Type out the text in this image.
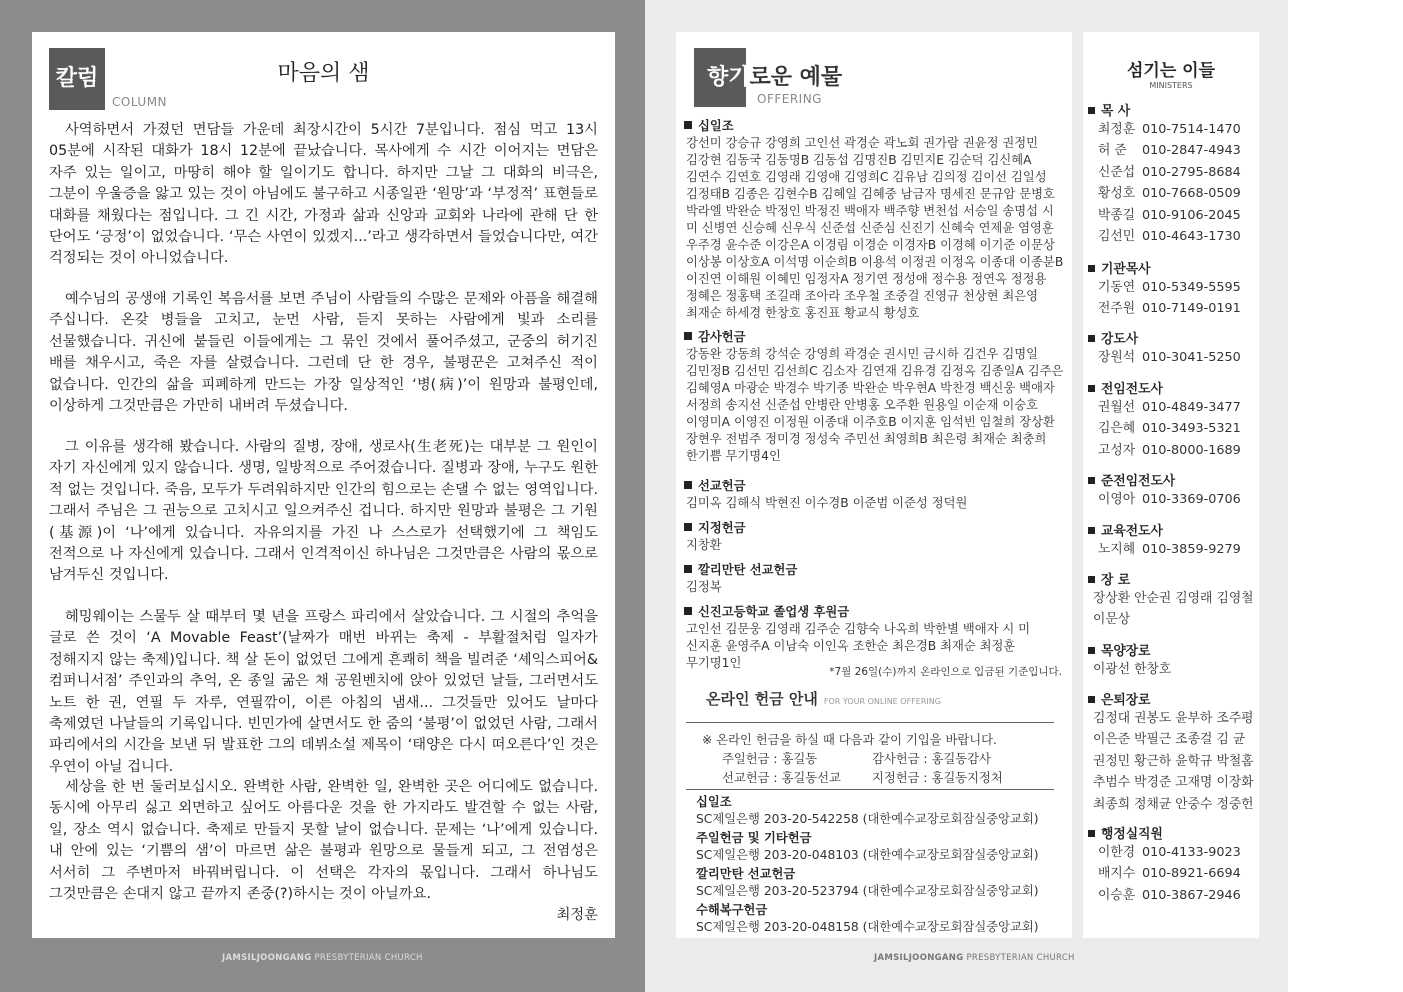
칼럼
COLUMN
마음의 샘
사역하면서 가졌던 면담들 가운데 최장시간이 5시간 7분입니다. 점심 먹고 13시 05분에 시작된 대화가 18시 12분에 끝났습니다. 목사에게 수 시간 이어지는 면담은 자주 있는 일이고, 마땅히 해야 할 일이기도 합니다. 하지만 그날 그 대화의 비극은, 그분이 우울증을 앓고 있는 것이 아님에도 불구하고 시종일관 ‘원망’과 ‘부정적’ 표현들로 대화를 채웠다는 점입니다. 그 긴 시간, 가정과 삶과 신앙과 교회와 나라에 관해 단 한 단어도 ‘긍정’이 없었습니다. ‘무슨 사연이 있겠지...’라고 생각하면서 들었습니다만, 여간 걱정되는 것이 아니었습니다.
예수님의 공생애 기록인 복음서를 보면 주님이 사람들의 수많은 문제와 아픔을 해결해 주십니다. 온갖 병들을 고치고, 눈먼 사람, 듣지 못하는 사람에게 빛과 소리를 선물했습니다. 귀신에 붙들린 이들에게는 그 묶인 것에서 풀어주셨고, 군중의 허기진 배를 채우시고, 죽은 자를 살렸습니다. 그런데 단 한 경우, 불평꾼은 고쳐주신 적이 없습니다. 인간의 삶을 피폐하게 만드는 가장 일상적인 ‘병(病)’이 원망과 불평인데, 이상하게 그것만큼은 가만히 내버려 두셨습니다.
그 이유를 생각해 봤습니다. 사람의 질병, 장애, 생로사(生老死)는 대부분 그 원인이 자기 자신에게 있지 않습니다. 생명, 일방적으로 주어졌습니다. 질병과 장애, 누구도 원한 적 없는 것입니다. 죽음, 모두가 두려워하지만 인간의 힘으로는 손댈 수 없는 영역입니다. 그래서 주님은 그 권능으로 고치시고 일으켜주신 겁니다. 하지만 원망과 불평은 그 기원(基源)이 ‘나’에게 있습니다. 자유의지를 가진 나 스스로가 선택했기에 그 책임도 전적으로 나 자신에게 있습니다. 그래서 인격적이신 하나님은 그것만큼은 사람의 몫으로 남겨두신 것입니다.
헤밍웨이는 스물두 살 때부터 몇 년을 프랑스 파리에서 살았습니다. 그 시절의 추억을 글로 쓴 것이 ‘A Movable Feast’(날짜가 매번 바뀌는 축제 - 부활절처럼 일자가 정해지지 않는 축제)입니다. 책 살 돈이 없었던 그에게 흔쾌히 책을 빌려준 ‘셰익스피어&컴퍼니서점’ 주인과의 추억, 온 종일 굶은 채 공원벤치에 앉아 있었던 날들, 그러면서도 노트 한 권, 연필 두 자루, 연필깎이, 이른 아침의 냄새... 그것들만 있어도 날마다 축제였던 나날들의 기록입니다. 빈민가에 살면서도 한 줌의 ‘불평’이 없었던 사람, 그래서 파리에서의 시간을 보낸 뒤 발표한 그의 데뷔소설 제목이 ‘태양은 다시 떠오른다’인 것은 우연이 아닐 겁니다.
세상을 한 번 둘러보십시오. 완벽한 사람, 완벽한 일, 완벽한 곳은 어디에도 없습니다. 동시에 아무리 싫고 외면하고 싶어도 아름다운 것을 한 가지라도 발견할 수 없는 사람, 일, 장소 역시 없습니다. 축제로 만들지 못할 날이 없습니다. 문제는 ‘나’에게 있습니다. 내 안에 있는 ‘기쁨의 샘’이 마르면 삶은 불평과 원망으로 물들게 되고, 그 전염성은 서서히 그 주변마저 바꿔버립니다. 이 선택은 각자의 몫입니다. 그래서 하나님도 그것만큼은 손대지 않고 끝까지 존중(?)하시는 것이 아닐까요.
최정훈
JAMSILJOONGANG PRESBYTERIAN CHURCH
향기로운 예물
OFFERING
십일조
강선미 강승규 강영희 고인선 곽경순 곽노회 권가람 권윤정 권정민 김강현 김동국 김동명B 김동섭 김명진B 김민지E 김순덕 김신혜A 김연수 김연호 김영래 김영애 김영희C 김유남 김의정 김이선 김일성 김정태B 김종은 김현수B 김혜일 김혜중 남금자 명세진 문규암 문병호 박라엘 박완순 박정인 박정진 백애자 백주향 변천섭 서승일 송명섭 시 미 신병연 신승혜 신우식 신준섭 신준심 신진기 신혜숙 연제윤 염영훈 우주경 윤수준 이강은A 이경림 이경순 이경자B 이경혜 이기준 이문상 이상봉 이상호A 이석명 이순희B 이용석 이정권 이정옥 이종대 이종분B 이진연 이해원 이혜민 임정자A 정기연 정성애 정수용 정연옥 정정용 정혜은 정홍택 조길래 조아라 조우철 조중걸 진영규 천상현 최은영 최재순 하세경 한창호 홍진표 황교식 황성호
감사헌금
강동완 강동희 강석순 강영희 곽경순 권시민 금시하 김건우 김명일 김민정B 김선민 김선희C 김소자 김연재 김유경 김정옥 김종일A 김주은 김혜영A 마광순 박경수 박기종 박완순 박우현A 박찬경 백신웅 백애자 서정희 송지선 신준섭 안병란 안병홍 오주환 원용일 이순재 이숭호 이영미A 이영진 이정원 이종대 이주호B 이지훈 임석빈 임철희 장상환 장현우 전범주 정미경 정성숙 주민선 최영희B 최은령 최재순 최충희 한기쁨 무기명4인
선교헌금
김미옥 김해식 박현진 이수경B 이준범 이준성 정덕원
지정헌금
지창환
깔리만탄 선교헌금
김정복
신진고등학교 졸업생 후원금
고인선 김문웅 김영래 김주순 김향숙 나옥희 박한별 백애자 시 미 신지훈 윤영주A 이남숙 이인옥 조한순 최은경B 최재순 최정훈 무기명1인
*7월 26일(수)까지 온라인으로 입금된 기준입니다.
온라인 헌금 안내 FOR YOUR ONLINE OFFERING
※ 온라인 헌금을 하실 때 다음과 같이 기입을 바랍니다.
주일헌금 : 홍길동	감사헌금 : 홍길동감사
선교헌금 : 홍길동선교	지정헌금 : 홍길동지정처
십일조
SC제일은행 203-20-542258 (대한예수교장로회잠실중앙교회)
주일헌금 및 기타헌금
SC제일은행 203-20-048103 (대한예수교장로회잠실중앙교회)
깔리만탄 선교헌금
SC제일은행 203-20-523794 (대한예수교장로회잠실중앙교회)
수해복구헌금
SC제일은행 203-20-048158 (대한예수교장로회잠실중앙교회)
JAMSILJOONGANG PRESBYTERIAN CHURCH
섬기는 이들
MINISTERS
목 사
최정훈 010-7514-1470
허 준 010-2847-4943
신준섭 010-2795-8684
황성호 010-7668-0509
박종길 010-9106-2045
김선민 010-4643-1730
기관목사
기동연 010-5349-5595
전주원 010-7149-0191
강도사
장원석 010-3041-5250
전임전도사
권월선 010-4849-3477
김은혜 010-3493-5321
고성자 010-8000-1689
준전임전도사
이영아 010-3369-0706
교육전도사
노지혜 010-3859-9279
장 로
장상환 안순권 김영래 김영철 이문상
목양장로
이광선 한창호
은퇴장로
김정대 권봉도 윤부하 조주평 이은준 박필근 조종걸 김 균 권정민 황근하 윤학규 박철홈 추범수 박경준 고재명 이장화 최종희 정채균 안중수 정중헌
행정실직원
이한경 010-4133-9023
배지수 010-8921-6694
이승훈 010-3867-2946
